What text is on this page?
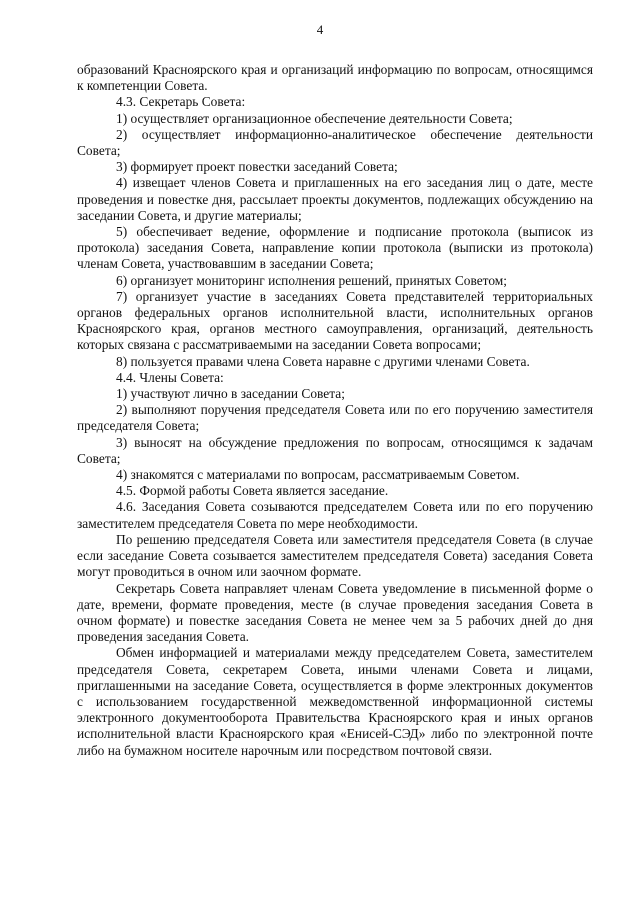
4

образований Красноярского края и организаций информацию по вопросам, относящимся к компетенции Совета.

4.3. Секретарь Совета:

1) осуществляет организационное обеспечение деятельности Совета;

2) осуществляет информационно-аналитическое обеспечение деятельности Совета;

3) формирует проект повестки заседаний Совета;

4) извещает членов Совета и приглашенных на его заседания лиц о дате, месте проведения и повестке дня, рассылает проекты документов, подлежащих обсуждению на заседании Совета, и другие материалы;

5) обеспечивает ведение, оформление и подписание протокола (выписок из протокола) заседания Совета, направление копии протокола (выписки из протокола) членам Совета, участвовавшим в заседании Совета;

6) организует мониторинг исполнения решений, принятых Советом;

7) организует участие в заседаниях Совета представителей территориальных органов федеральных органов исполнительной власти, исполнительных органов Красноярского края, органов местного самоуправления, организаций, деятельность которых связана с рассматриваемыми на заседании Совета вопросами;

8) пользуется правами члена Совета наравне с другими членами Совета.

4.4. Члены Совета:

1) участвуют лично в заседании Совета;

2) выполняют поручения председателя Совета или по его поручению заместителя председателя Совета;

3) выносят на обсуждение предложения по вопросам, относящимся к задачам Совета;

4) знакомятся с материалами по вопросам, рассматриваемым Советом.

4.5. Формой работы Совета является заседание.

4.6. Заседания Совета созываются председателем Совета или по его поручению заместителем председателя Совета по мере необходимости.

По решению председателя Совета или заместителя председателя Совета (в случае если заседание Совета созывается заместителем председателя Совета) заседания Совета могут проводиться в очном или заочном формате.

Секретарь Совета направляет членам Совета уведомление в письменной форме о дате, времени, формате проведения, месте (в случае проведения заседания Совета в очном формате) и повестке заседания Совета не менее чем за 5 рабочих дней до дня проведения заседания Совета.

Обмен информацией и материалами между председателем Совета, заместителем председателя Совета, секретарем Совета, иными членами Совета и лицами, приглашенными на заседание Совета, осуществляется в форме электронных документов с использованием государственной межведомственной информационной системы электронного документооборота Правительства Красноярского края и иных органов исполнительной власти Красноярского края «Енисей-СЭД» либо по электронной почте либо на бумажном носителе нарочным или посредством почтовой связи.
